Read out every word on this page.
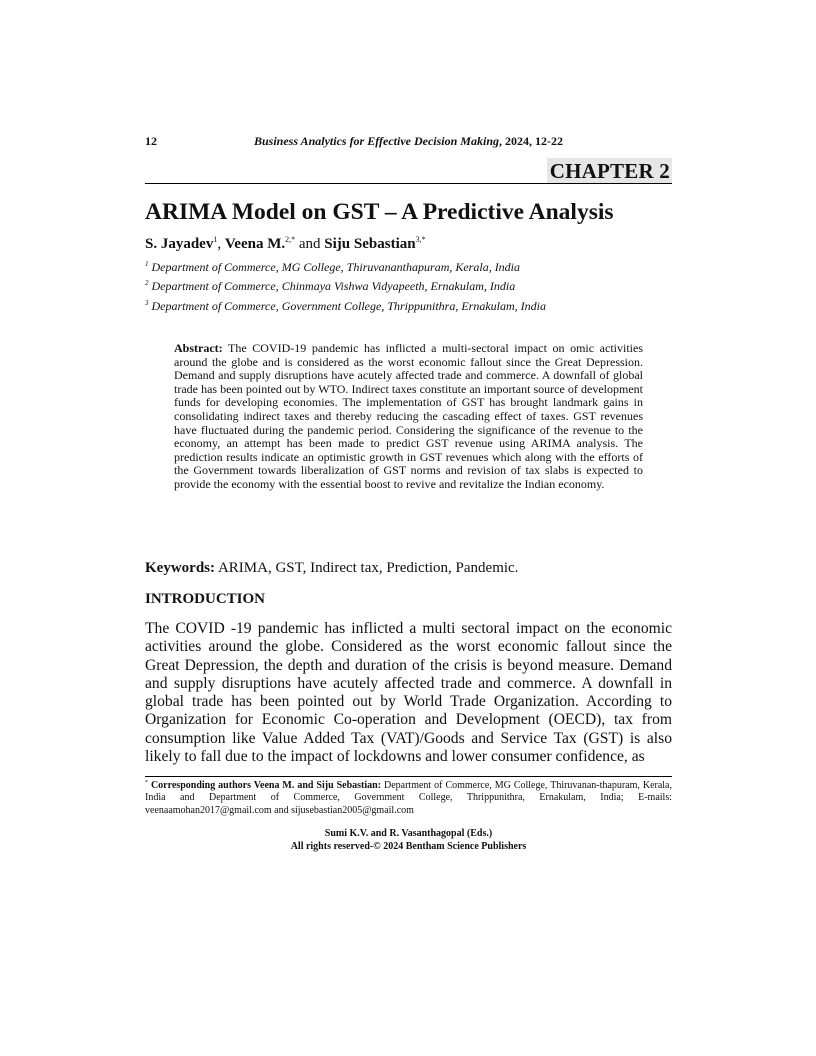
12	Business Analytics for Effective Decision Making, 2024, 12-22
CHAPTER 2
ARIMA Model on GST – A Predictive Analysis
S. Jayadev$^1$, Veena M.$^{2,*}$ and Siju Sebastian$^{3,*}$
$^1$ Department of Commerce, MG College, Thiruvananthapuram, Kerala, India
$^2$ Department of Commerce, Chinmaya Vishwa Vidyapeeth, Ernakulam, India
$^3$ Department of Commerce, Government College, Thrippunithra, Ernakulam, India

Abstract: The COVID-19 pandemic has inflicted a multi-sectoral impact on omic activities around the globe and is considered as the worst economic fallout since the Great Depression. Demand and supply disruptions have acutely affected trade and commerce. A downfall of global trade has been pointed out by WTO. Indirect taxes constitute an important source of development funds for developing economies. The implementation of GST has brought landmark gains in consolidating indirect taxes and thereby reducing the cascading effect of taxes. GST revenues have fluctuated during the pandemic period. Considering the significance of the revenue to the economy, an attempt has been made to predict GST revenue using ARIMA analysis. The prediction results indicate an optimistic growth in GST revenues which along with the efforts of the Government towards liberalization of GST norms and revision of tax slabs is expected to provide the economy with the essential boost to revive and revitalize the Indian economy.

Keywords: ARIMA, GST, Indirect tax, Prediction, Pandemic.
INTRODUCTION

The COVID -19 pandemic has inflicted a multi sectoral impact on the economic activities around the globe. Considered as the worst economic fallout since the Great Depression, the depth and duration of the crisis is beyond measure. Demand and supply disruptions have acutely affected trade and commerce. A downfall in global trade has been pointed out by World Trade Organization. According to Organization for Economic Co-operation and Development (OECD), tax from consumption like Value Added Tax (VAT)/Goods and Service Tax (GST) is also likely to fall due to the impact of lockdowns and lower consumer confidence, as

* Corresponding authors Veena M. and Siju Sebastian: Department of Commerce, MG College, Thiruvanan-thapuram, Kerala, India and Department of Commerce, Government College, Thrippunithra, Ernakulam, India; E-mails: veenaamohan2017@gmail.com and sijusebastian2005@gmail.com

Sumi K.V. and R. Vasanthagopal (Eds.)
All rights reserved-© 2024 Bentham Science Publishers
